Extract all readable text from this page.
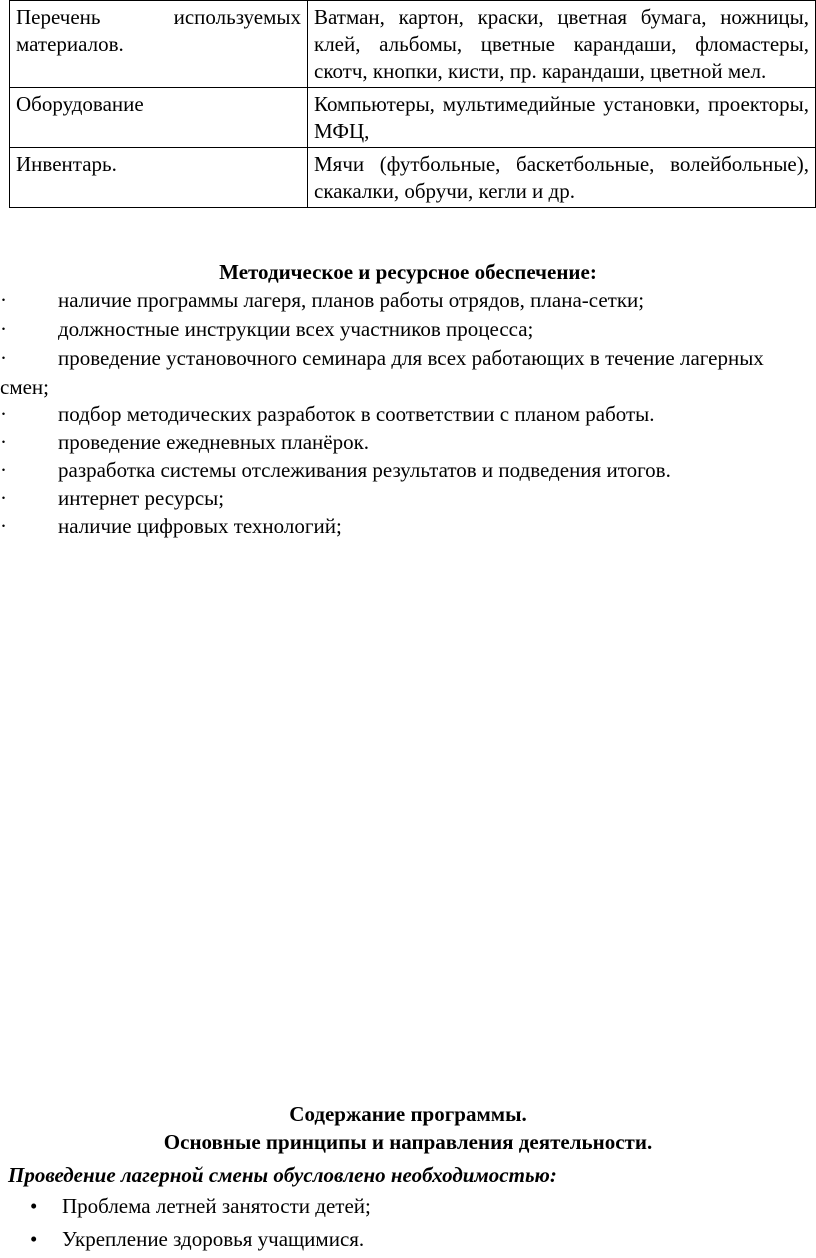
Перечень используемых материалов.	Ватман, картон, краски, цветная бумага, ножницы, клей, альбомы, цветные карандаши, фломастеры, скотч, кнопки, кисти, пр. карандаши, цветной мел.
Оборудование	Компьютеры, мультимедийные установки, проекторы, МФЦ,
Инвентарь.	Мячи (футбольные, баскетбольные, волейбольные), скакалки, обручи, кегли и др.
Методическое и ресурсное обеспечение:
·	наличие программы лагеря, планов работы отрядов, плана-сетки;
·	должностные инструкции всех участников процесса;
·	проведение установочного семинара для всех работающих в течение лагерных смен;
·	подбор методических разработок в соответствии с планом работы.
·	проведение ежедневных планёрок.
·	разработка системы отслеживания результатов и подведения итогов.
·	интернет ресурсы;
·	наличие цифровых технологий;
Содержание программы.
Основные принципы и направления деятельности.
Проведение лагерной смены обусловлено необходимостью:
• Проблема летней занятости детей;
• Укрепление здоровья учащимися.
